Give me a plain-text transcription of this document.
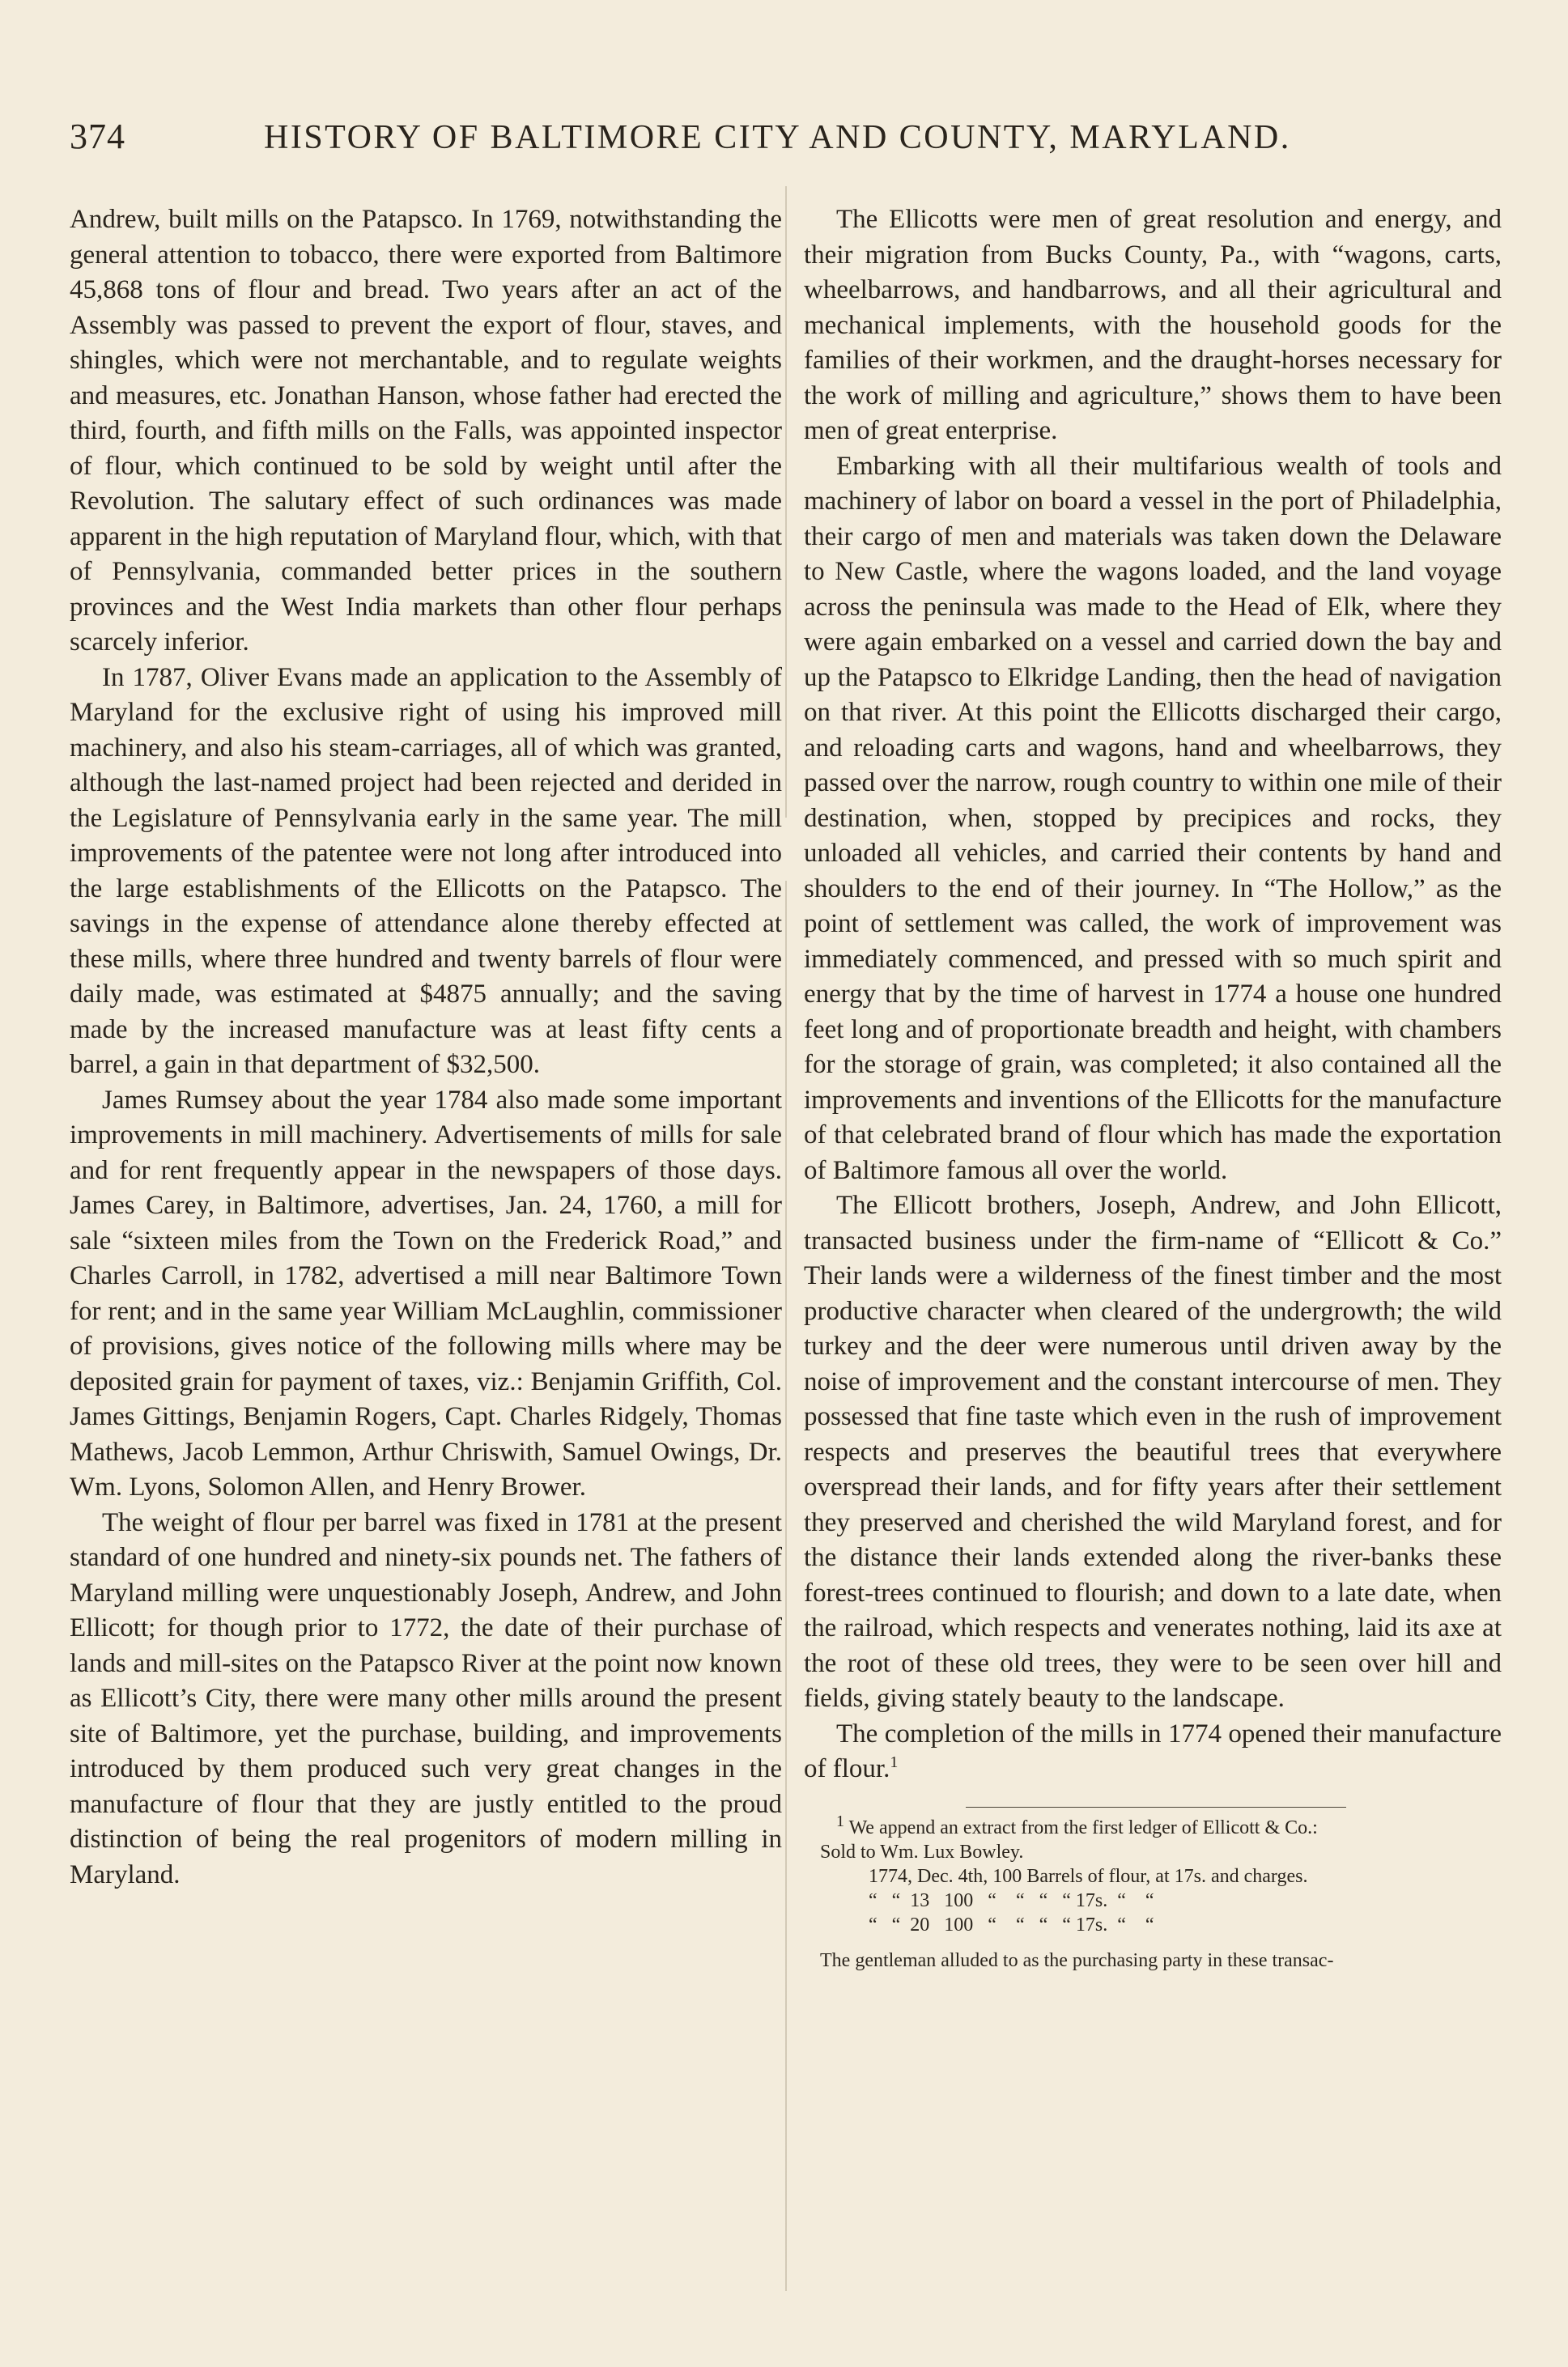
374	HISTORY OF BALTIMORE CITY AND COUNTY, MARYLAND.

Andrew, built mills on the Patapsco. In 1769, notwithstanding the general attention to tobacco, there were exported from Baltimore 45,868 tons of flour and bread. Two years after an act of the Assembly was passed to prevent the export of flour, staves, and shingles, which were not merchantable, and to regulate weights and measures, etc. Jonathan Hanson, whose father had erected the third, fourth, and fifth mills on the Falls, was appointed inspector of flour, which continued to be sold by weight until after the Revolution. The salutary effect of such ordinances was made apparent in the high reputation of Maryland flour, which, with that of Pennsylvania, commanded better prices in the southern provinces and the West India markets than other flour perhaps scarcely inferior.

In 1787, Oliver Evans made an application to the Assembly of Maryland for the exclusive right of using his improved mill machinery, and also his steam-carriages, all of which was granted, although the last-named project had been rejected and derided in the Legislature of Pennsylvania early in the same year. The mill improvements of the patentee were not long after introduced into the large establishments of the Ellicotts on the Patapsco. The savings in the expense of attendance alone thereby effected at these mills, where three hundred and twenty barrels of flour were daily made, was estimated at $4875 annually; and the saving made by the increased manufacture was at least fifty cents a barrel, a gain in that department of $32,500.

James Rumsey about the year 1784 also made some important improvements in mill machinery. Advertisements of mills for sale and for rent frequently appear in the newspapers of those days. James Carey, in Baltimore, advertises, Jan. 24, 1760, a mill for sale “sixteen miles from the Town on the Frederick Road,” and Charles Carroll, in 1782, advertised a mill near Baltimore Town for rent; and in the same year William McLaughlin, commissioner of provisions, gives notice of the following mills where may be deposited grain for payment of taxes, viz.: Benjamin Griffith, Col. James Gittings, Benjamin Rogers, Capt. Charles Ridgely, Thomas Mathews, Jacob Lemmon, Arthur Chriswith, Samuel Owings, Dr. Wm. Lyons, Solomon Allen, and Henry Brower.

The weight of flour per barrel was fixed in 1781 at the present standard of one hundred and ninety-six pounds net. The fathers of Maryland milling were unquestionably Joseph, Andrew, and John Ellicott; for though prior to 1772, the date of their purchase of lands and mill-sites on the Patapsco River at the point now known as Ellicott’s City, there were many other mills around the present site of Baltimore, yet the purchase, building, and improvements introduced by them produced such very great changes in the manufacture of flour that they are justly entitled to the proud distinction of being the real progenitors of modern milling in Maryland.

The Ellicotts were men of great resolution and energy, and their migration from Bucks County, Pa., with “wagons, carts, wheelbarrows, and handbarrows, and all their agricultural and mechanical implements, with the household goods for the families of their workmen, and the draught-horses necessary for the work of milling and agriculture,” shows them to have been men of great enterprise.

Embarking with all their multifarious wealth of tools and machinery of labor on board a vessel in the port of Philadelphia, their cargo of men and materials was taken down the Delaware to New Castle, where the wagons loaded, and the land voyage across the peninsula was made to the Head of Elk, where they were again embarked on a vessel and carried down the bay and up the Patapsco to Elkridge Landing, then the head of navigation on that river. At this point the Ellicotts discharged their cargo, and reloading carts and wagons, hand and wheelbarrows, they passed over the narrow, rough country to within one mile of their destination, when, stopped by precipices and rocks, they unloaded all vehicles, and carried their contents by hand and shoulders to the end of their journey. In “The Hollow,” as the point of settlement was called, the work of improvement was immediately commenced, and pressed with so much spirit and energy that by the time of harvest in 1774 a house one hundred feet long and of proportionate breadth and height, with chambers for the storage of grain, was completed; it also contained all the improvements and inventions of the Ellicotts for the manufacture of that celebrated brand of flour which has made the exportation of Baltimore famous all over the world.

The Ellicott brothers, Joseph, Andrew, and John Ellicott, transacted business under the firm-name of “Ellicott & Co.” Their lands were a wilderness of the finest timber and the most productive character when cleared of the undergrowth; the wild turkey and the deer were numerous until driven away by the noise of improvement and the constant intercourse of men. They possessed that fine taste which even in the rush of improvement respects and preserves the beautiful trees that everywhere overspread their lands, and for fifty years after their settlement they preserved and cherished the wild Maryland forest, and for the distance their lands extended along the river-banks these forest-trees continued to flourish; and down to a late date, when the railroad, which respects and venerates nothing, laid its axe at the root of these old trees, they were to be seen over hill and fields, giving stately beauty to the landscape.

The completion of the mills in 1774 opened their manufacture of flour.$^1$

$^1$ We append an extract from the first ledger of Ellicott & Co.:

Sold to Wm. Lux Bowley.

1774, Dec. 4th, 100 Barrels of flour, at 17s. and charges.

“   “  13   100   “    “   “   “ 17s.  “    “

“   “  20   100   “    “   “   “ 17s.  “    “

The gentleman alluded to as the purchasing party in these transac-
